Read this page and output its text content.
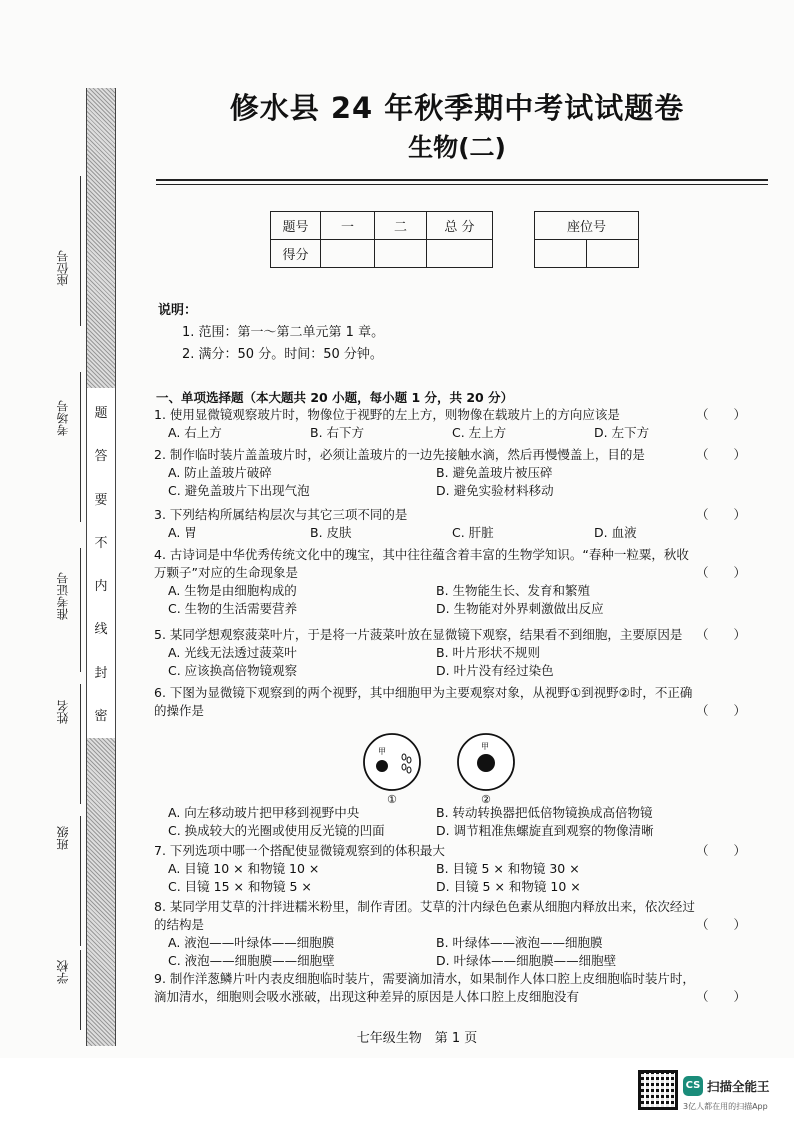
题
答
要
不
内
线
封
密
座位号
考场号
准考证号
姓名
班级
学校
修水县 24 年秋季期中考试试题卷
生物(二)
题号	一	二	总 分
得分			
座位号

说明：
1. 范围：第一～第二单元第 1 章。
2. 满分：50 分。时间：50 分钟。
一、单项选择题（本大题共 20 小题，每小题 1 分，共 20 分）
1. 使用显微镜观察玻片时，物像位于视野的左上方，则物像在载玻片上的方向应该是	（　　）
A. 右上方	B. 右下方	C. 左上方	D. 左下方
2. 制作临时装片盖盖玻片时，必须让盖玻片的一边先接触水滴，然后再慢慢盖上，目的是	（　　）
A. 防止盖玻片破碎	B. 避免盖玻片被压碎
C. 避免盖玻片下出现气泡	D. 避免实验材料移动
3. 下列结构所属结构层次与其它三项不同的是	（　　）
A. 胃	B. 皮肤	C. 肝脏	D. 血液
4. 古诗词是中华优秀传统文化中的瑰宝，其中往往蕴含着丰富的生物学知识。“春种一粒粟，秋收万颗子”对应的生命现象是	（　　）
A. 生物是由细胞构成的	B. 生物能生长、发育和繁殖
C. 生物的生活需要营养	D. 生物能对外界刺激做出反应
5. 某同学想观察菠菜叶片，于是将一片菠菜叶放在显微镜下观察，结果看不到细胞，主要原因是 （　　）
A. 光线无法透过菠菜叶	B. 叶片形状不规则
C. 应该换高倍物镜观察	D. 叶片没有经过染色
6. 下图为显微镜下观察到的两个视野，其中细胞甲为主要观察对象，从视野①到视野②时，不正确的操作是	（　　）
甲
甲
①	②
A. 向左移动玻片把甲移到视野中央	B. 转动转换器把低倍物镜换成高倍物镜
C. 换成较大的光圈或使用反光镜的凹面	D. 调节粗准焦螺旋直到观察的物像清晰
7. 下列选项中哪一个搭配使显微镜观察到的体积最大	（　　）
A. 目镜 10 × 和物镜 10 ×	B. 目镜 5 × 和物镜 30 ×
C. 目镜 15 × 和物镜 5 ×	D. 目镜 5 × 和物镜 10 ×
8. 某同学用艾草的汁拌进糯米粉里，制作青团。艾草的汁内绿色色素从细胞内释放出来，依次经过的结构是	（　　）
A. 液泡——叶绿体——细胞膜	B. 叶绿体——液泡——细胞膜
C. 液泡——细胞膜——细胞壁	D. 叶绿体——细胞膜——细胞壁
9. 制作洋葱鳞片叶内表皮细胞临时装片，需要滴加清水，如果制作人体口腔上皮细胞临时装片时，滴加清水，细胞则会吸水涨破，出现这种差异的原因是人体口腔上皮细胞没有	（　　）
七年级生物　第 1 页
CS 扫描全能王
3亿人都在用的扫描App
